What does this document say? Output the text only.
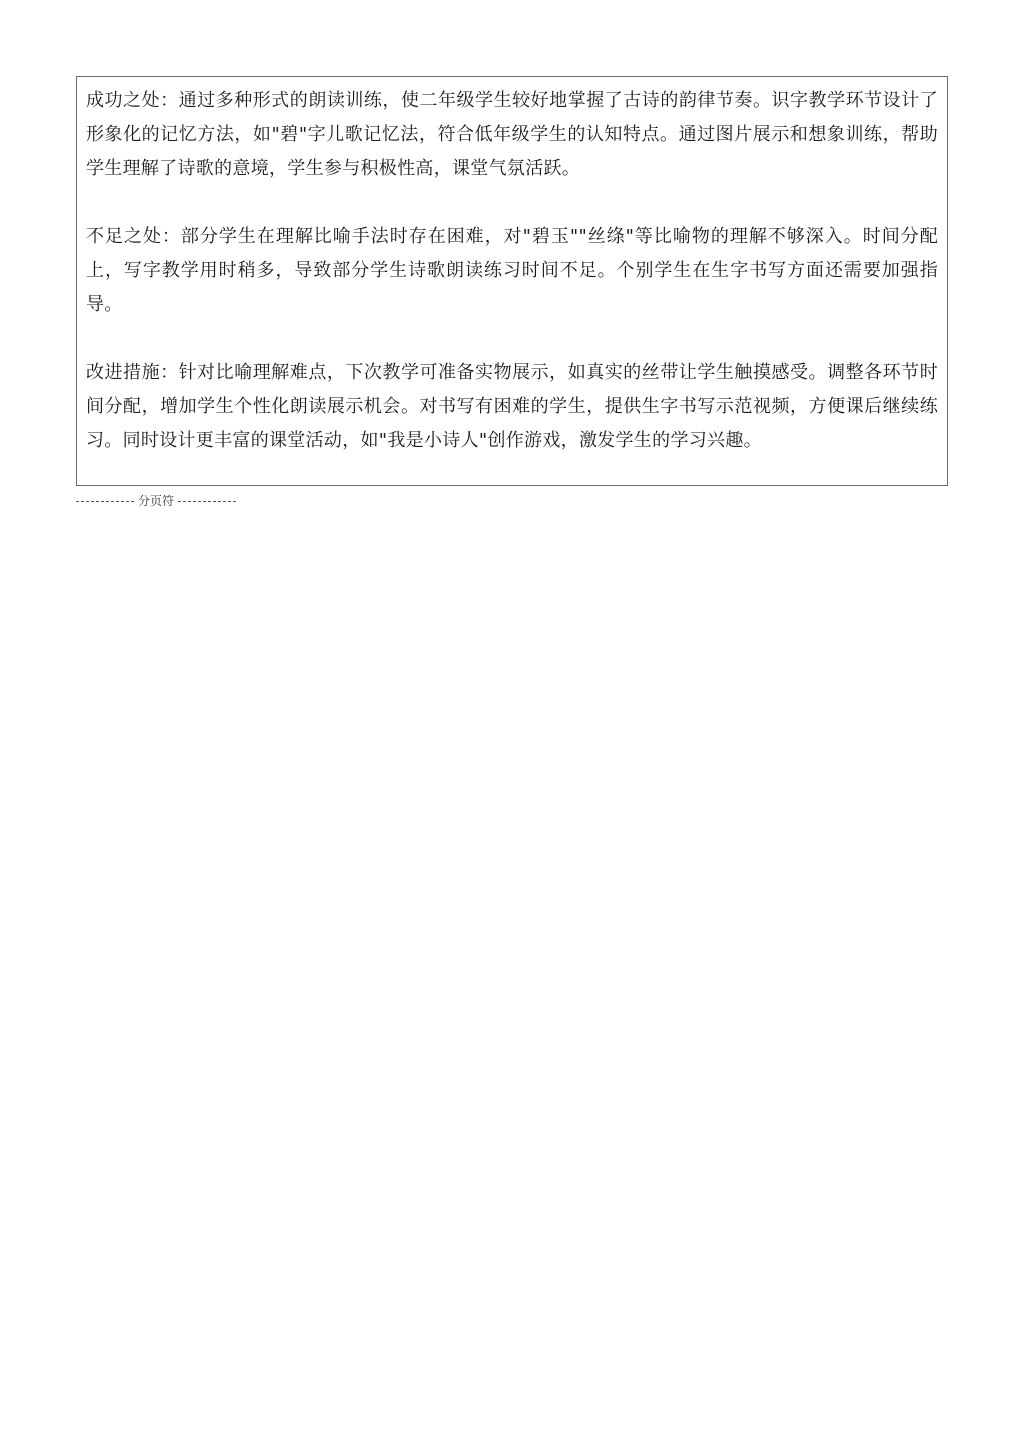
成功之处：通过多种形式的朗读训练，使二年级学生较好地掌握了古诗的韵律节奏。识字教学环节设计了形象化的记忆方法，如"碧"字儿歌记忆法，符合低年级学生的认知特点。通过图片展示和想象训练，帮助学生理解了诗歌的意境，学生参与积极性高，课堂气氛活跃。

不足之处：部分学生在理解比喻手法时存在困难，对"碧玉""丝绦"等比喻物的理解不够深入。时间分配上，写字教学用时稍多，导致部分学生诗歌朗读练习时间不足。个别学生在生字书写方面还需要加强指导。

改进措施：针对比喻理解难点，下次教学可准备实物展示，如真实的丝带让学生触摸感受。调整各环节时间分配，增加学生个性化朗读展示机会。对书写有困难的学生，提供生字书写示范视频，方便课后继续练习。同时设计更丰富的课堂活动，如"我是小诗人"创作游戏，激发学生的学习兴趣。

分页符
